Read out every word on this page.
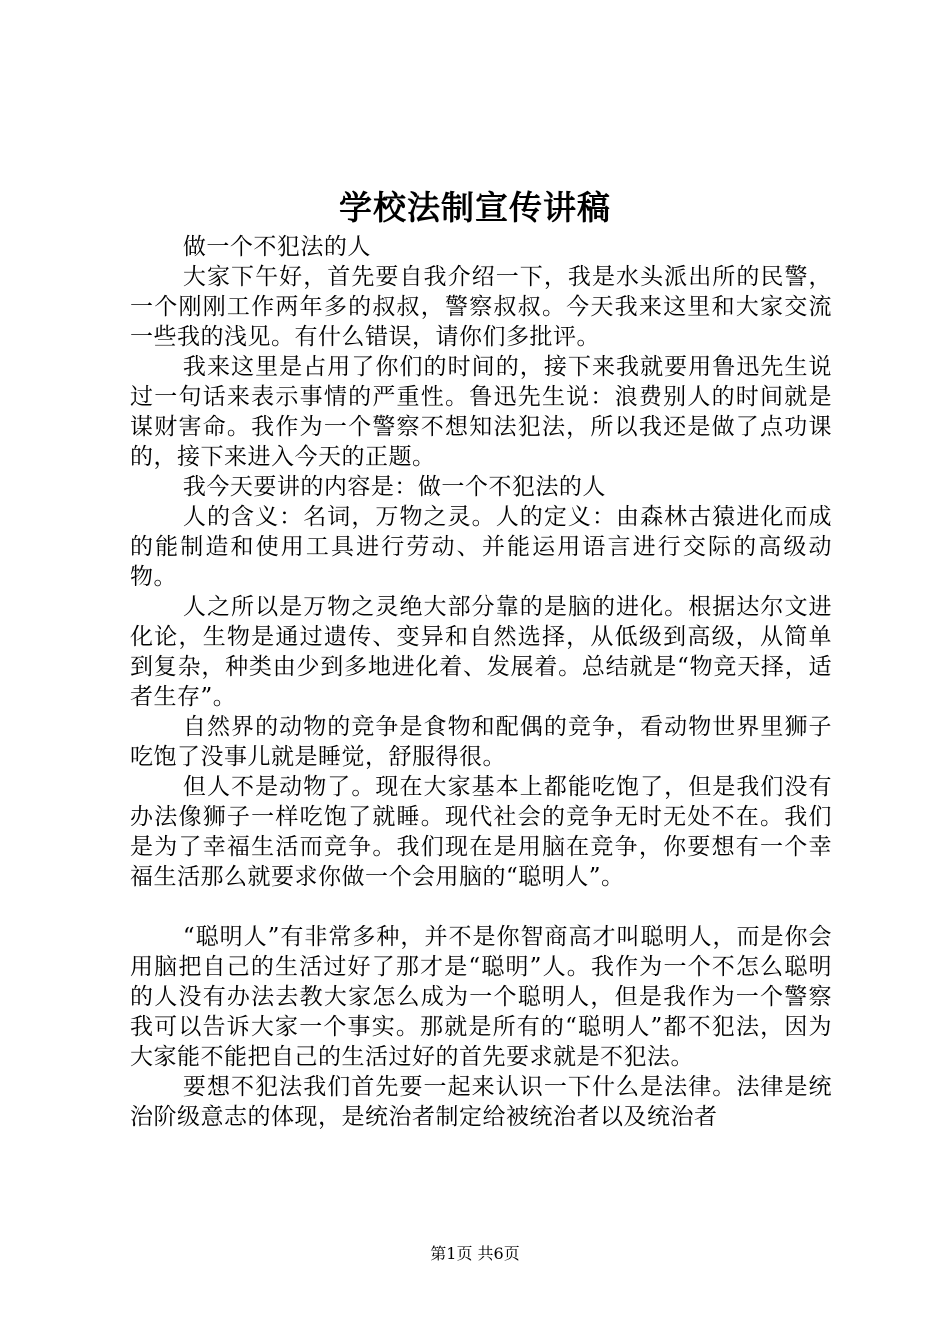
学校法制宣传讲稿

做一个不犯法的人

大家下午好，首先要自我介绍一下，我是水头派出所的民警，一个刚刚工作两年多的叔叔，警察叔叔。今天我来这里和大家交流一些我的浅见。有什么错误，请你们多批评。

我来这里是占用了你们的时间的，接下来我就要用鲁迅先生说过一句话来表示事情的严重性。鲁迅先生说：浪费别人的时间就是谋财害命。我作为一个警察不想知法犯法，所以我还是做了点功课的，接下来进入今天的正题。

我今天要讲的内容是：做一个不犯法的人

人的含义：名词，万物之灵。人的定义：由森林古猿进化而成的能制造和使用工具进行劳动、并能运用语言进行交际的高级动物。

人之所以是万物之灵绝大部分靠的是脑的进化。根据达尔文进化论，生物是通过遗传、变异和自然选择，从低级到高级，从简单到复杂，种类由少到多地进化着、发展着。总结就是“物竞天择，适者生存”。

自然界的动物的竞争是食物和配偶的竞争，看动物世界里狮子吃饱了没事儿就是睡觉，舒服得很。

但人不是动物了。现在大家基本上都能吃饱了，但是我们没有办法像狮子一样吃饱了就睡。现代社会的竞争无时无处不在。我们是为了幸福生活而竞争。我们现在是用脑在竞争，你要想有一个幸福生活那么就要求你做一个会用脑的“聪明人”。

“聪明人”有非常多种，并不是你智商高才叫聪明人，而是你会用脑把自己的生活过好了那才是“聪明”人。我作为一个不怎么聪明的人没有办法去教大家怎么成为一个聪明人，但是我作为一个警察我可以告诉大家一个事实。那就是所有的“聪明人”都不犯法，因为大家能不能把自己的生活过好的首先要求就是不犯法。

要想不犯法我们首先要一起来认识一下什么是法律。法律是统治阶级意志的体现，是统治者制定给被统治者以及统治者

第1页 共6页
